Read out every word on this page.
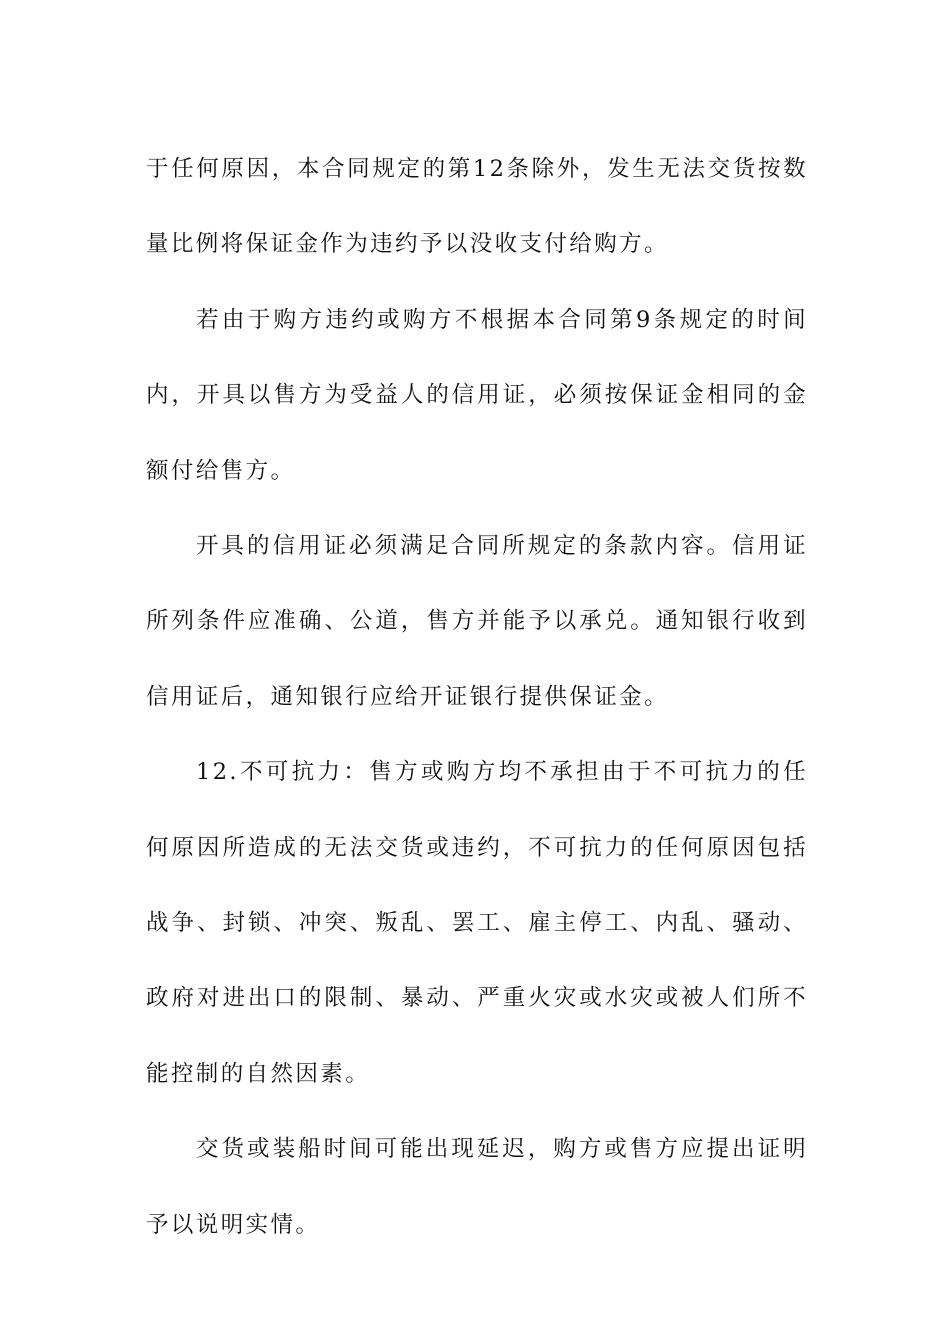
于任何原因，本合同规定的第12条除外，发生无法交货按数量比例将保证金作为违约予以没收支付给购方。

若由于购方违约或购方不根据本合同第9条规定的时间内，开具以售方为受益人的信用证，必须按保证金相同的金额付给售方。

开具的信用证必须满足合同所规定的条款内容。信用证所列条件应准确、公道，售方并能予以承兑。通知银行收到信用证后，通知银行应给开证银行提供保证金。

12.不可抗力：售方或购方均不承担由于不可抗力的任何原因所造成的无法交货或违约，不可抗力的任何原因包括战争、封锁、冲突、叛乱、罢工、雇主停工、内乱、骚动、政府对进出口的限制、暴动、严重火灾或水灾或被人们所不能控制的自然因素。

交货或装船时间可能出现延迟，购方或售方应提出证明予以说明实情。
